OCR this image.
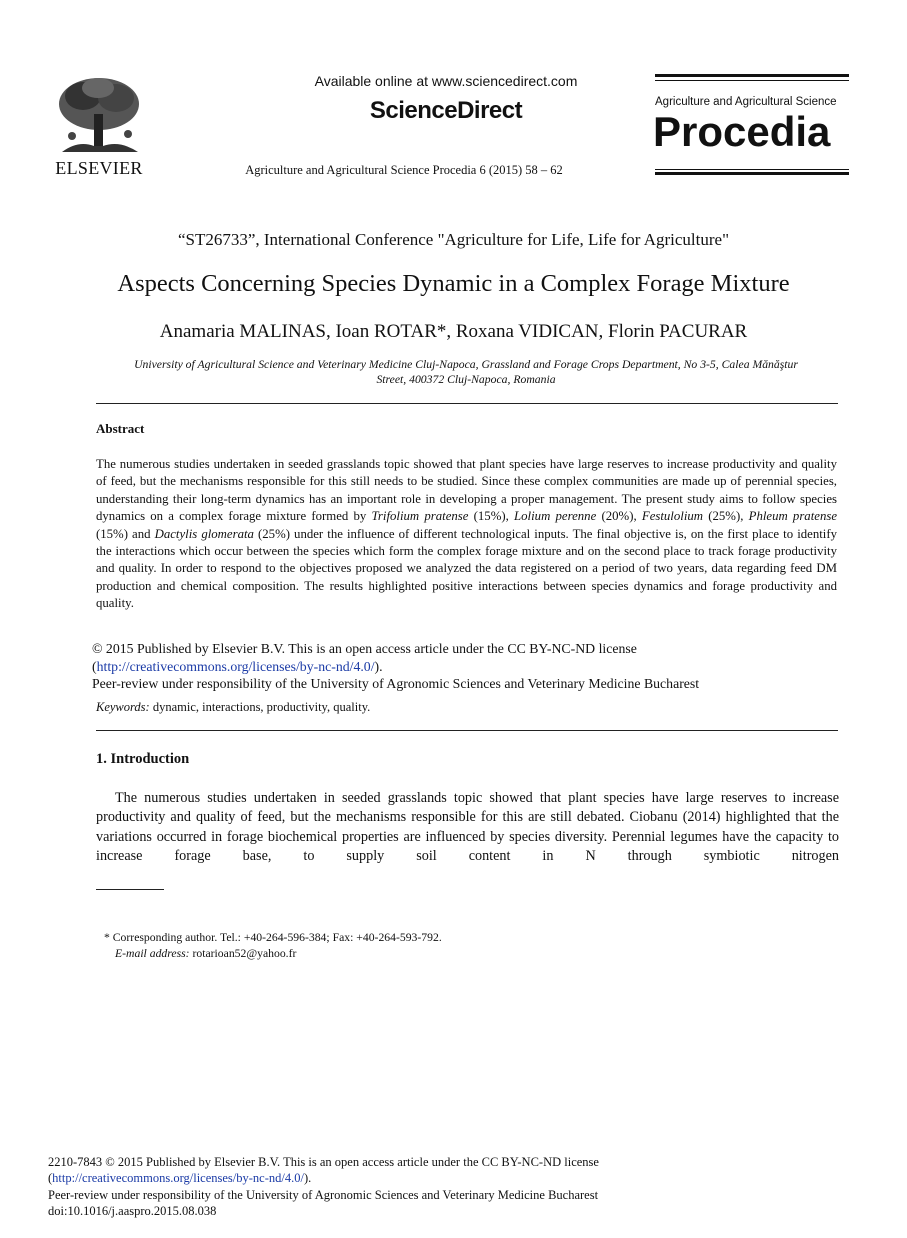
ELSEVIER
Available online at www.sciencedirect.com
ScienceDirect
Agriculture and Agricultural Science Procedia 6 (2015) 58 – 62
Agriculture and Agricultural Science
Procedia
“ST26733”, International Conference "Agriculture for Life, Life for Agriculture"
Aspects Concerning Species Dynamic in a Complex Forage Mixture
Anamaria MALINAS, Ioan ROTAR*, Roxana VIDICAN, Florin PACURAR
University of Agricultural Science and Veterinary Medicine Cluj-Napoca, Grassland and Forage Crops Department, No 3-5, Calea Mănăştur
Street, 400372 Cluj-Napoca, Romania
Abstract
The numerous studies undertaken in seeded grasslands topic showed that plant species have large reserves to increase productivity and quality of feed, but the mechanisms responsible for this still needs to be studied. Since these complex communities are made up of perennial species, understanding their long-term dynamics has an important role in developing a proper management. The present study aims to follow species dynamics on a complex forage mixture formed by Trifolium pratense (15%), Lolium perenne (20%), Festulolium (25%), Phleum pratense (15%) and Dactylis glomerata (25%) under the influence of different technological inputs. The final objective is, on the first place to identify the interactions which occur between the species which form the complex forage mixture and on the second place to track forage productivity and quality. In order to respond to the objectives proposed we analyzed the data registered on a period of two years, data regarding feed DM production and chemical composition. The results highlighted positive interactions between species dynamics and forage productivity and quality.
© 2015 Published by Elsevier B.V. This is an open access article under the CC BY-NC-ND license
(http://creativecommons.org/licenses/by-nc-nd/4.0/).
Peer-review under responsibility of the University of Agronomic Sciences and Veterinary Medicine Bucharest
Keywords: dynamic, interactions, productivity, quality.
1. Introduction
The numerous studies undertaken in seeded grasslands topic showed that plant species have large reserves to increase productivity and quality of feed, but the mechanisms responsible for this are still debated. Ciobanu (2014) highlighted that the variations occurred in forage biochemical properties are influenced by species diversity. Perennial legumes have the capacity to increase forage base, to supply soil content in N through symbiotic nitrogen
* Corresponding author. Tel.: +40-264-596-384; Fax: +40-264-593-792.
E-mail address: rotarioan52@yahoo.fr
2210-7843 © 2015 Published by Elsevier B.V. This is an open access article under the CC BY-NC-ND license
(http://creativecommons.org/licenses/by-nc-nd/4.0/).
Peer-review under responsibility of the University of Agronomic Sciences and Veterinary Medicine Bucharest
doi:10.1016/j.aaspro.2015.08.038
